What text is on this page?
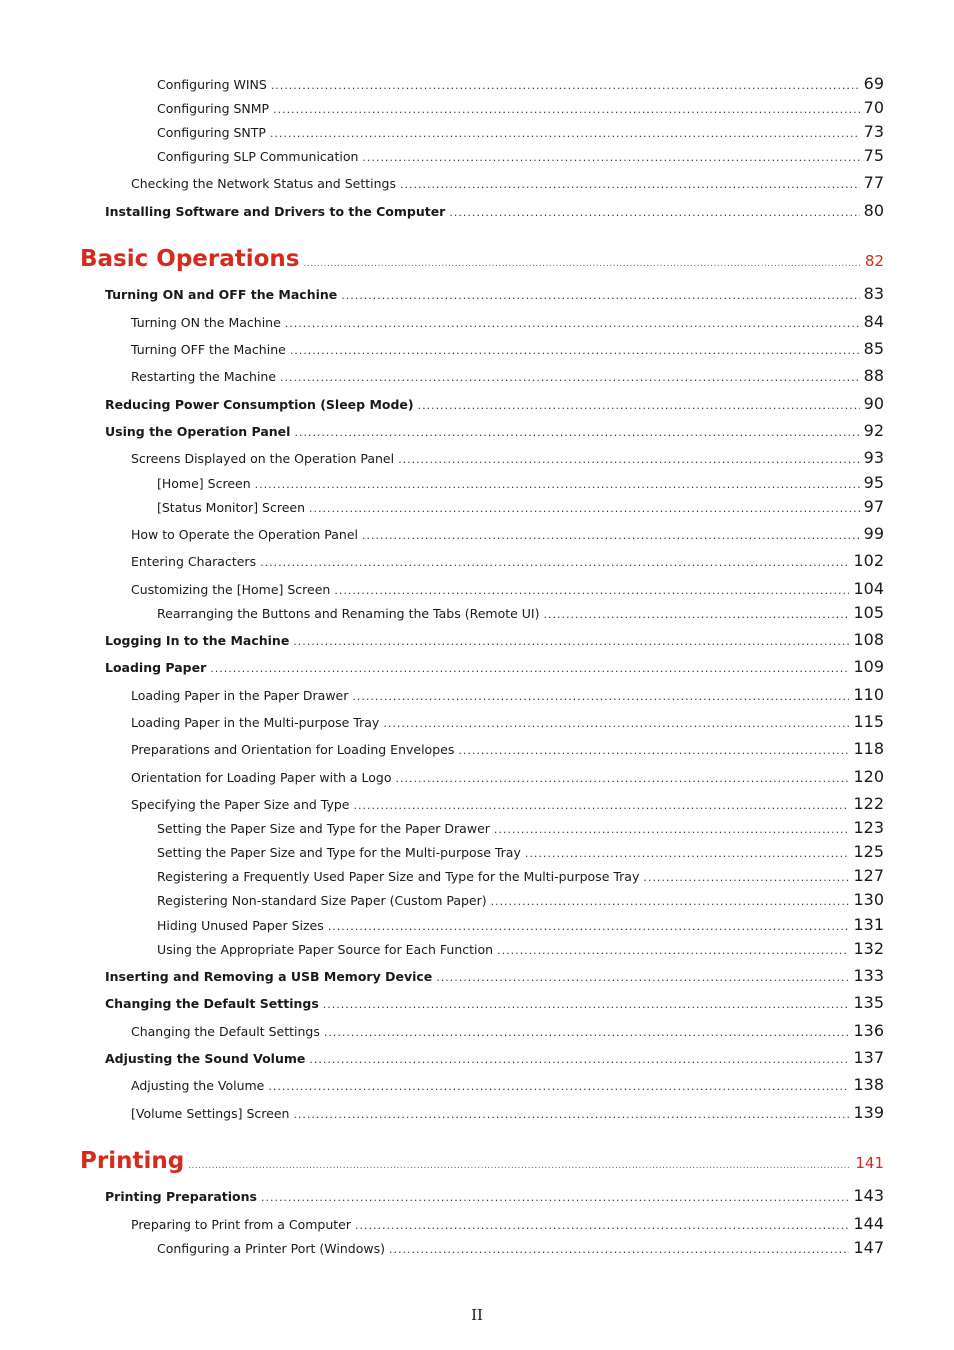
Configuring WINS .....	69
Configuring SNMP .....	70
Configuring SNTP .....	73
Configuring SLP Communication .....	75
Checking the Network Status and Settings .....	77
Installing Software and Drivers to the Computer .....	80
Basic Operations .....	82
Turning ON and OFF the Machine .....	83
Turning ON the Machine .....	84
Turning OFF the Machine .....	85
Restarting the Machine .....	88
Reducing Power Consumption (Sleep Mode) .....	90
Using the Operation Panel .....	92
Screens Displayed on the Operation Panel .....	93
[Home] Screen .....	95
[Status Monitor] Screen .....	97
How to Operate the Operation Panel .....	99
Entering Characters .....	102
Customizing the [Home] Screen .....	104
Rearranging the Buttons and Renaming the Tabs (Remote UI) .....	105
Logging In to the Machine .....	108
Loading Paper .....	109
Loading Paper in the Paper Drawer .....	110
Loading Paper in the Multi-purpose Tray .....	115
Preparations and Orientation for Loading Envelopes .....	118
Orientation for Loading Paper with a Logo .....	120
Specifying the Paper Size and Type .....	122
Setting the Paper Size and Type for the Paper Drawer .....	123
Setting the Paper Size and Type for the Multi-purpose Tray .....	125
Registering a Frequently Used Paper Size and Type for the Multi-purpose Tray .....	127
Registering Non-standard Size Paper (Custom Paper) .....	130
Hiding Unused Paper Sizes .....	131
Using the Appropriate Paper Source for Each Function .....	132
Inserting and Removing a USB Memory Device .....	133
Changing the Default Settings .....	135
Changing the Default Settings .....	136
Adjusting the Sound Volume .....	137
Adjusting the Volume .....	138
[Volume Settings] Screen .....	139
Printing .....	141
Printing Preparations .....	143
Preparing to Print from a Computer .....	144
Configuring a Printer Port (Windows) .....	147
II
